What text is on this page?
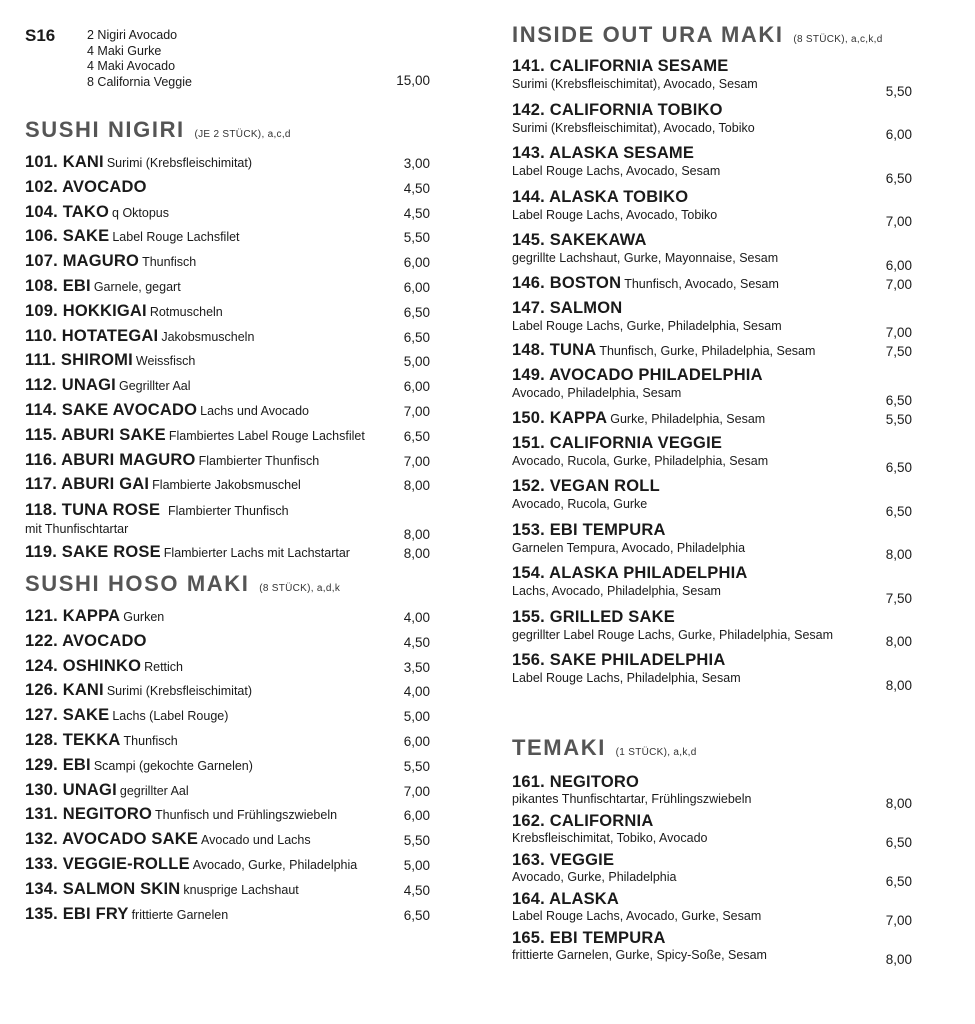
S16	2 Nigiri Avocado
4 Maki Gurke
4 Maki Avocado
8 California Veggie	15,00
SUSHI NIGIRI (JE 2 STÜCK), a,c,d
101. KANI Surimi (Krebsfleischimitat)	3,00
102. AVOCADO	4,50
104. TAKO q Oktopus	4,50
106. SAKE Label Rouge Lachsfilet	5,50
107. MAGURO Thunfisch	6,00
108. EBI Garnele, gegart	6,00
109. HOKKIGAI Rotmuscheln	6,50
110. HOTATEGAI Jakobsmuscheln	6,50
111. SHIROMI Weissfisch	5,00
112. UNAGI Gegrillter Aal	6,00
114. SAKE AVOCADO Lachs und Avocado	7,00
115. ABURI SAKE Flambiertes Label Rouge Lachsfilet	6,50
116. ABURI MAGURO Flambierter Thunfisch	7,00
117. ABURI GAI Flambierte Jakobsmuschel	8,00
118. TUNA ROSE Flambierter Thunfisch
mit Thunfischtartar	8,00
119. SAKE ROSE Flambierter Lachs mit Lachstartar	8,00
SUSHI HOSO MAKI (8 STÜCK), a,d,k
121. KAPPA Gurken	4,00
122. AVOCADO	4,50
124. OSHINKO Rettich	3,50
126. KANI Surimi (Krebsfleischimitat)	4,00
127. SAKE Lachs (Label Rouge)	5,00
128. TEKKA Thunfisch	6,00
129. EBI Scampi (gekochte Garnelen)	5,50
130. UNAGI gegrillter Aal	7,00
131. NEGITORO Thunfisch und Frühlingszwiebeln	6,00
132. AVOCADO SAKE Avocado und Lachs	5,50
133. VEGGIE-ROLLE Avocado, Gurke, Philadelphia	5,00
134. SALMON SKIN knusprige Lachshaut	4,50
135. EBI FRY frittierte Garnelen	6,50
INSIDE OUT URA MAKI (8 STÜCK), a,c,k,d
141. CALIFORNIA SESAME
Surimi (Krebsfleischimitat), Avocado, Sesam	5,50
142. CALIFORNIA TOBIKO
Surimi (Krebsfleischimitat), Avocado, Tobiko	6,00
143. ALASKA SESAME
Label Rouge Lachs, Avocado, Sesam	6,50
144. ALASKA TOBIKO
Label Rouge Lachs, Avocado, Tobiko	7,00
145. SAKEKAWA
gegrillte Lachshaut, Gurke, Mayonnaise, Sesam	6,00
146. BOSTON Thunfisch, Avocado, Sesam	7,00
147. SALMON
Label Rouge Lachs, Gurke, Philadelphia, Sesam	7,00
148. TUNA Thunfisch, Gurke, Philadelphia, Sesam	7,50
149. AVOCADO PHILADELPHIA
Avocado, Philadelphia, Sesam	6,50
150. KAPPA Gurke, Philadelphia, Sesam	5,50
151. CALIFORNIA VEGGIE
Avocado, Rucola, Gurke, Philadelphia, Sesam	6,50
152. VEGAN ROLL
Avocado, Rucola, Gurke	6,50
153. EBI TEMPURA
Garnelen Tempura, Avocado, Philadelphia	8,00
154. ALASKA PHILADELPHIA
Lachs, Avocado, Philadelphia, Sesam	7,50
155. GRILLED SAKE
gegrillter Label Rouge Lachs, Gurke, Philadelphia, Sesam	8,00
156. SAKE PHILADELPHIA
Label Rouge Lachs, Philadelphia, Sesam	8,00
TEMAKI (1 STÜCK), a,k,d
161. NEGITORO
pikantes Thunfischtartar, Frühlingszwiebeln	8,00
162. CALIFORNIA
Krebsfleischimitat, Tobiko, Avocado	6,50
163. VEGGIE
Avocado, Gurke, Philadelphia	6,50
164. ALASKA
Label Rouge Lachs, Avocado, Gurke, Sesam	7,00
165. EBI TEMPURA
frittierte Garnelen, Gurke, Spicy-Soße, Sesam	8,00
